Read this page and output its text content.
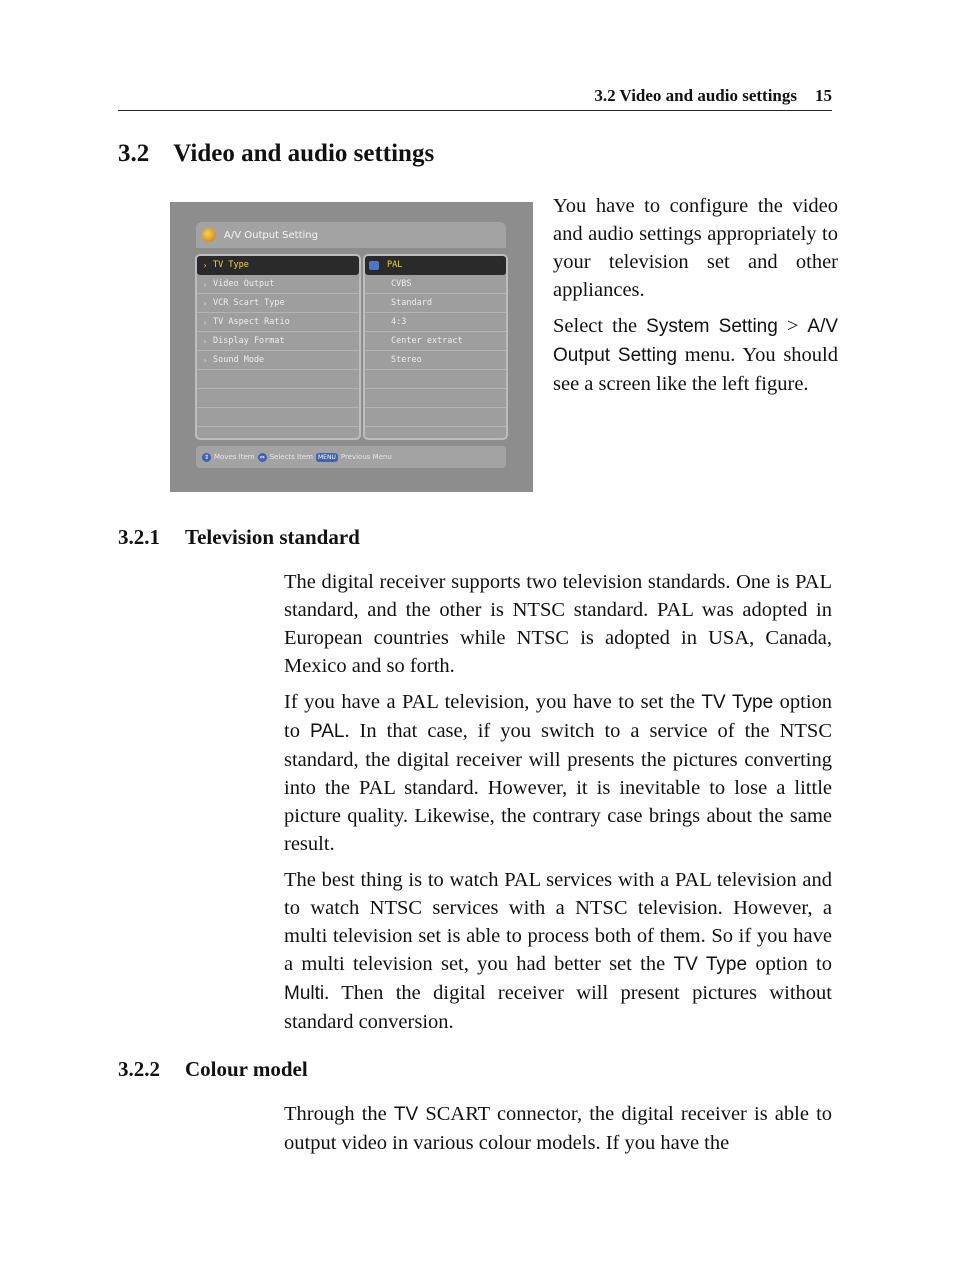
3.2 Video and audio settings 15
3.2 Video and audio settings
A/V Output Setting
› TV Type
› Video Output
› VCR Scart Type
› TV Aspect Ratio
› Display Format
› Sound Mode
PAL
CVBS
Standard
4:3
Center extract
Stereo
⇕ Moves Item ⇔ Selects Item MENU Previous Menu

You have to configure the video and audio settings appropriately to your television set and other appliances.

Select the System Setting > A/V Output Setting menu. You should see a screen like the left figure.

3.2.1	Television standard

The digital receiver supports two television standards. One is PAL standard, and the other is NTSC standard. PAL was adopted in European countries while NTSC is adopted in USA, Canada, Mexico and so forth.

If you have a PAL television, you have to set the TV Type option to PAL. In that case, if you switch to a service of the NTSC standard, the digital receiver will presents the pictures converting into the PAL standard. However, it is inevitable to lose a little picture quality. Likewise, the contrary case brings about the same result.

The best thing is to watch PAL services with a PAL television and to watch NTSC services with a NTSC television. However, a multi television set is able to process both of them. So if you have a multi television set, you had better set the TV Type option to Multi. Then the digital receiver will present pictures without standard conversion.

3.2.2	Colour model

Through the TV SCART connector, the digital receiver is able to output video in various colour models. If you have the
